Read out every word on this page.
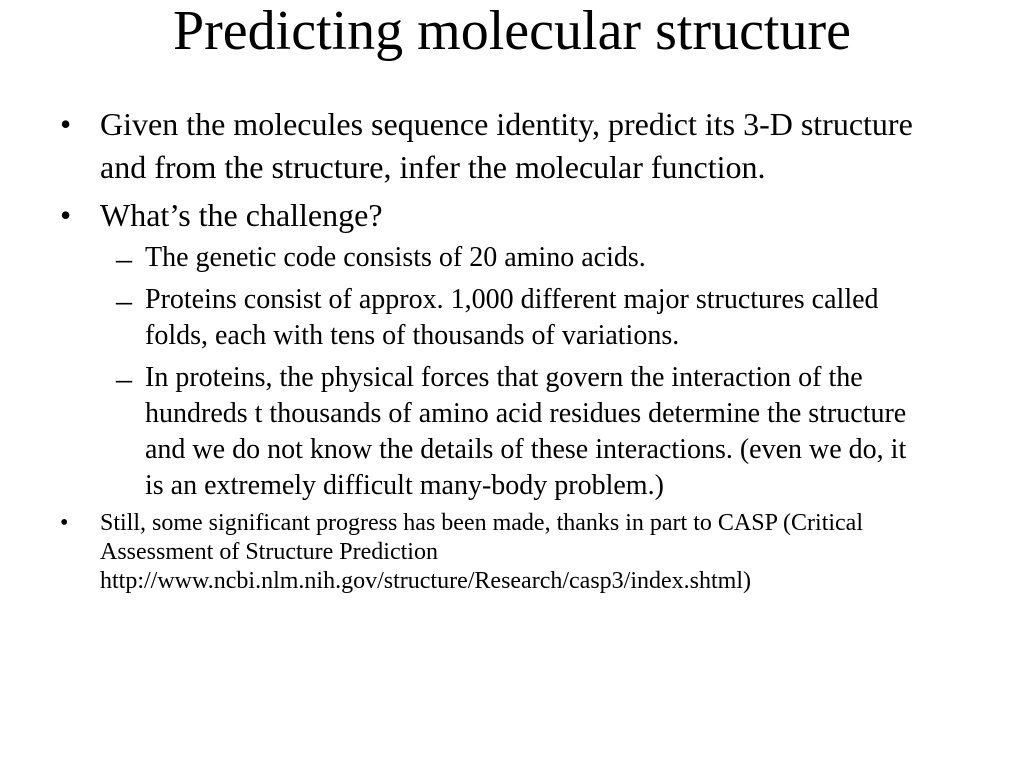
Predicting molecular structure
• Given the molecules sequence identity, predict its 3-D structure and from the structure, infer the molecular function.
• What’s the challenge?
– The genetic code consists of 20 amino acids.
– Proteins consist of approx. 1,000 different major structures called folds, each with tens of thousands of variations.
– In proteins, the physical forces that govern the interaction of the hundreds t thousands of amino acid residues determine the structure and we do not know the details of these interactions. (even we do, it is an extremely difficult many-body problem.)
• Still, some significant progress has been made, thanks in part to CASP (Critical Assessment of Structure Prediction http://www.ncbi.nlm.nih.gov/structure/Research/casp3/index.shtml)
